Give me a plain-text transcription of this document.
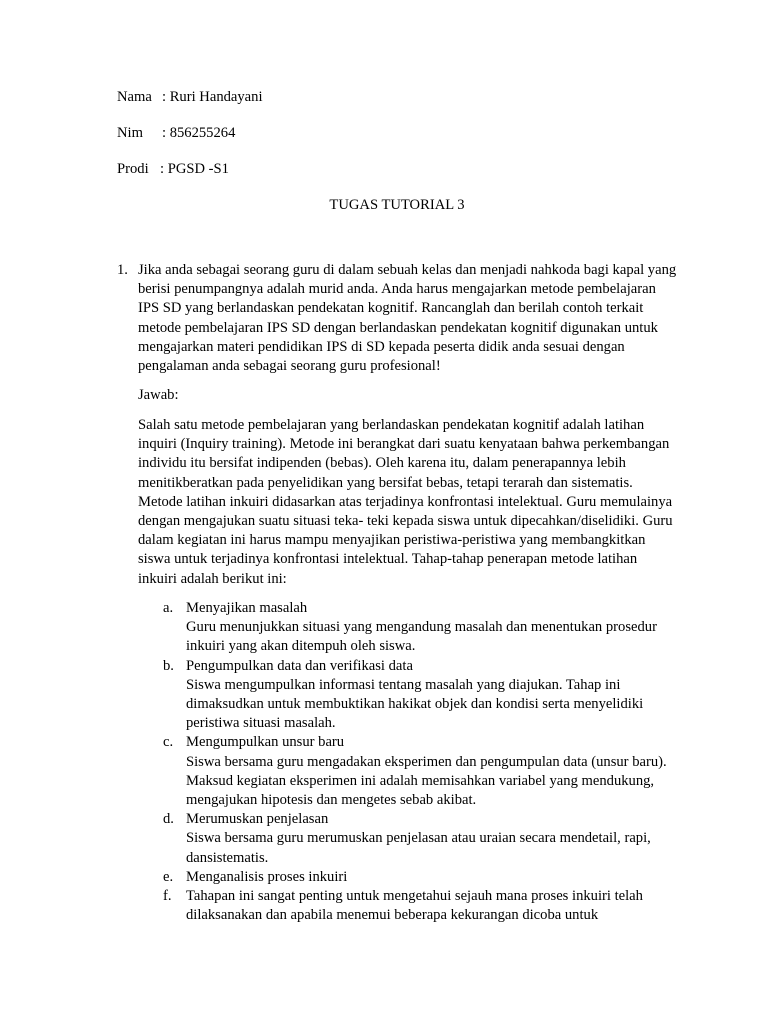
Nama : Ruri Handayani
Nim : 856255264
Prodi : PGSD -S1
TUGAS TUTORIAL 3
1. Jika anda sebagai seorang guru di dalam sebuah kelas dan menjadi nahkoda bagi kapal yang berisi penumpangnya adalah murid anda. Anda harus mengajarkan metode pembelajaran IPS SD yang berlandaskan pendekatan kognitif. Rancanglah dan berilah contoh terkait metode pembelajaran IPS SD dengan berlandaskan pendekatan kognitif digunakan untuk mengajarkan materi pendidikan IPS di SD kepada peserta didik anda sesuai dengan pengalaman anda sebagai seorang guru profesional!
Jawab:
Salah satu metode pembelajaran yang berlandaskan pendekatan kognitif adalah latihan inquiri (Inquiry training). Metode ini berangkat dari suatu kenyataan bahwa perkembangan individu itu bersifat indipenden (bebas). Oleh karena itu, dalam penerapannya lebih menitikberatkan pada penyelidikan yang bersifat bebas, tetapi terarah dan sistematis. Metode latihan inkuiri didasarkan atas terjadinya konfrontasi intelektual. Guru memulainya dengan mengajukan suatu situasi teka- teki kepada siswa untuk dipecahkan/diselidiki. Guru dalam kegiatan ini harus mampu menyajikan peristiwa-peristiwa yang membangkitkan siswa untuk terjadinya konfrontasi intelektual. Tahap-tahap penerapan metode latihan inkuiri adalah berikut ini:
a. Menyajikan masalah
Guru menunjukkan situasi yang mengandung masalah dan menentukan prosedur inkuiri yang akan ditempuh oleh siswa.
b. Pengumpulkan data dan verifikasi data
Siswa mengumpulkan informasi tentang masalah yang diajukan. Tahap ini dimaksudkan untuk membuktikan hakikat objek dan kondisi serta menyelidiki peristiwa situasi masalah.
c. Mengumpulkan unsur baru
Siswa bersama guru mengadakan eksperimen dan pengumpulan data (unsur baru). Maksud kegiatan eksperimen ini adalah memisahkan variabel yang mendukung, mengajukan hipotesis dan mengetes sebab akibat.
d. Merumuskan penjelasan
Siswa bersama guru merumuskan penjelasan atau uraian secara mendetail, rapi, dansistematis.
e. Menganalisis proses inkuiri
f. Tahapan ini sangat penting untuk mengetahui sejauh mana proses inkuiri telah dilaksanakan dan apabila menemui beberapa kekurangan dicoba untuk
